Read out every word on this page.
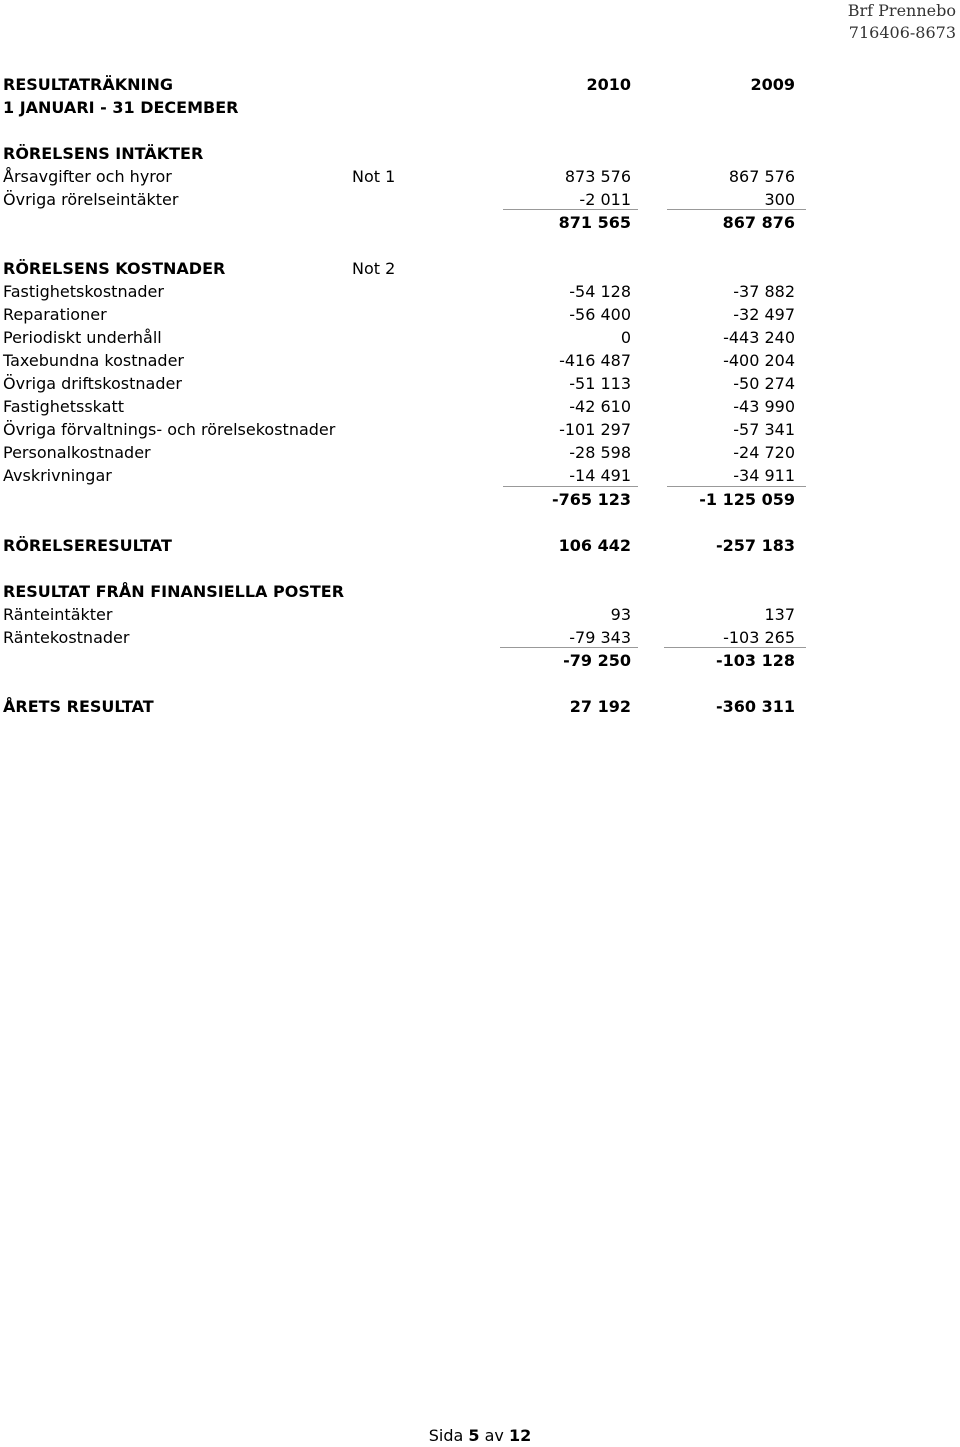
Brf Prennebo
716406-8673
RESULTATRÄKNING	2010	2009
1 JANUARI - 31 DECEMBER
RÖRELSENS INTÄKTER
Årsavgifter och hyror	Not 1	873 576	867 576
Övriga rörelseintäkter	-2 011	300
871 565	867 876
RÖRELSENS KOSTNADER	Not 2
Fastighetskostnader	-54 128	-37 882
Reparationer	-56 400	-32 497
Periodiskt underhåll	0	-443 240
Taxebundna kostnader	-416 487	-400 204
Övriga driftskostnader	-51 113	-50 274
Fastighetsskatt	-42 610	-43 990
Övriga förvaltnings- och rörelsekostnader	-101 297	-57 341
Personalkostnader	-28 598	-24 720
Avskrivningar	-14 491	-34 911
-765 123	-1 125 059
RÖRELSERESULTAT	106 442	-257 183
RESULTAT FRÅN FINANSIELLA POSTER
Ränteintäkter	93	137
Räntekostnader	-79 343	-103 265
-79 250	-103 128
ÅRETS RESULTAT	27 192	-360 311
Sida 5 av 12
